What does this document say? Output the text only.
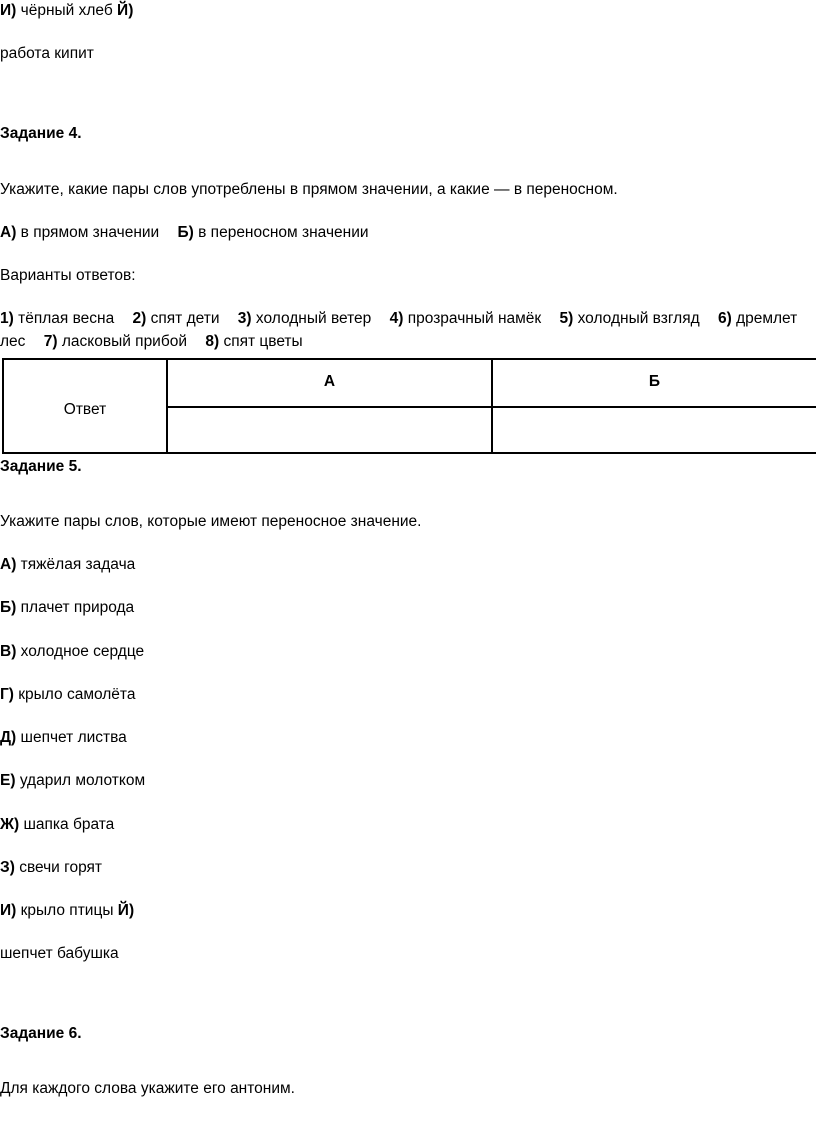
И) чёрный хлеб Й)
работа кипит
Задание 4.
Укажите, какие пары слов употреблены в прямом значении, а какие — в переносном.
А) в прямом значении Б) в переносном значении
Варианты ответов:
1) тёплая весна 2) спят дети 3) холодный ветер 4) прозрачный намёк 5) холодный взгляд 6) дремлет
лес 7) ласковый прибой 8) спят цветы
Ответ
А	Б
Задание 5.
Укажите пары слов, которые имеют переносное значение.
А) тяжёлая задача
Б) плачет природа
В) холодное сердце
Г) крыло самолёта
Д) шепчет листва
Е) ударил молотком
Ж) шапка брата
З) свечи горят
И) крыло птицы Й)
шепчет бабушка
Задание 6.
Для каждого слова укажите его антоним.
